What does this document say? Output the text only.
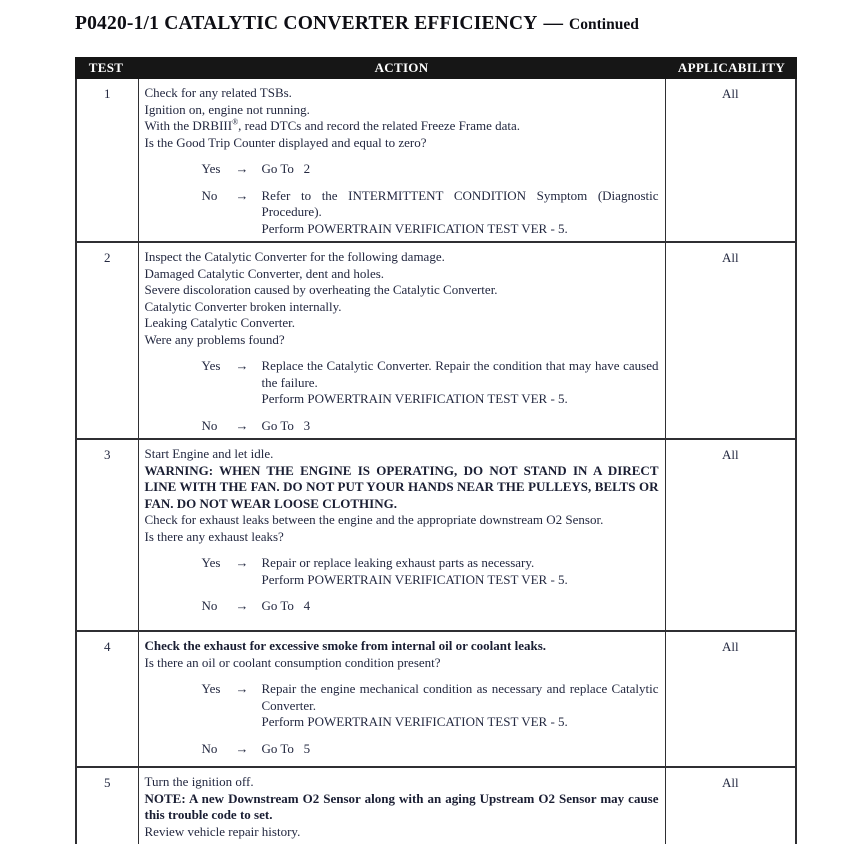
P0420-1/1 CATALYTIC CONVERTER EFFICIENCY — Continued
TEST	ACTION	APPLICABILITY
1	Check for any related TSBs.
Ignition on, engine not running.
With the DRBIII®, read DTCs and record the related Freeze Frame data.
Is the Good Trip Counter displayed and equal to zero?
Yes	→	Go To   2
No	→	Refer to the INTERMITTENT CONDITION Symptom (Diagnostic Procedure).
Perform POWERTRAIN VERIFICATION TEST VER - 5.
All
2	Inspect the Catalytic Converter for the following damage.
Damaged Catalytic Converter, dent and holes.
Severe discoloration caused by overheating the Catalytic Converter.
Catalytic Converter broken internally.
Leaking Catalytic Converter.
Were any problems found?
Yes	→	Replace the Catalytic Converter. Repair the condition that may have caused the failure.
Perform POWERTRAIN VERIFICATION TEST VER - 5.
No	→	Go To   3
All
3	Start Engine and let idle.
WARNING: WHEN THE ENGINE IS OPERATING, DO NOT STAND IN A DIRECT LINE WITH THE FAN. DO NOT PUT YOUR HANDS NEAR THE PULLEYS, BELTS OR FAN. DO NOT WEAR LOOSE CLOTHING.
Check for exhaust leaks between the engine and the appropriate downstream O2 Sensor.
Is there any exhaust leaks?
Yes	→	Repair or replace leaking exhaust parts as necessary.
Perform POWERTRAIN VERIFICATION TEST VER - 5.
No	→	Go To   4
All
4	Check the exhaust for excessive smoke from internal oil or coolant leaks.
Is there an oil or coolant consumption condition present?
Yes	→	Repair the engine mechanical condition as necessary and replace Catalytic Converter.
Perform POWERTRAIN VERIFICATION TEST VER - 5.
No	→	Go To   5
All
5	Turn the ignition off.
NOTE: A new Downstream O2 Sensor along with an aging Upstream O2 Sensor may cause this trouble code to set.
Review vehicle repair history.
All
